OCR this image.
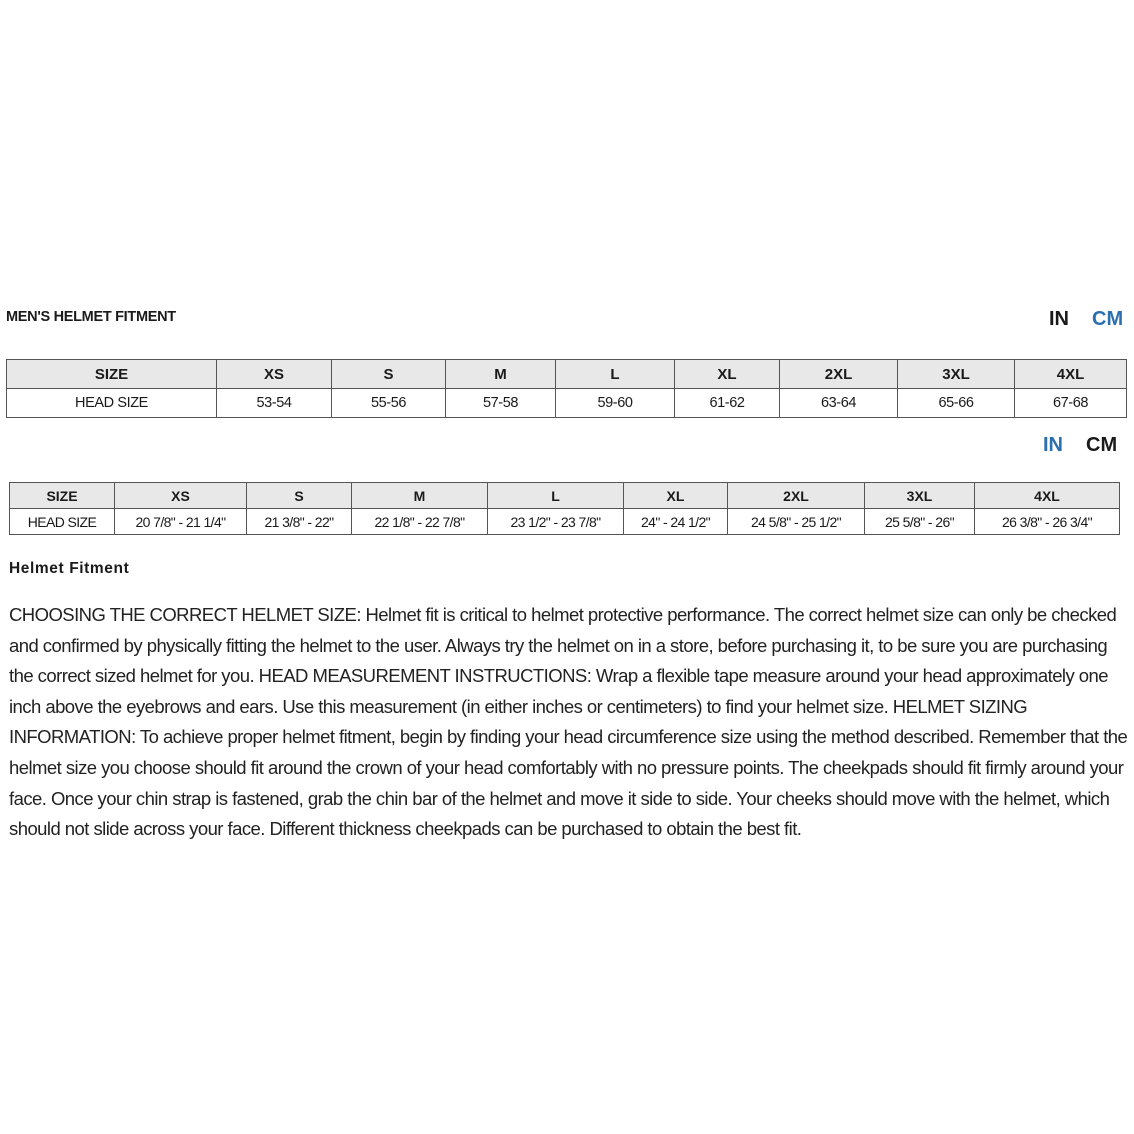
MEN'S HELMET FITMENT	IN CM
SIZE	XS	S	M	L	XL	2XL	3XL	4XL
HEAD SIZE	53-54	55-56	57-58	59-60	61-62	63-64	65-66	67-68
IN CM
SIZE	XS	S	M	L	XL	2XL	3XL	4XL
HEAD SIZE	20 7/8" - 21 1/4"	21 3/8" - 22"	22 1/8" - 22 7/8"	23 1/2" - 23 7/8"	24" - 24 1/2"	24 5/8" - 25 1/2"	25 5/8" - 26"	26 3/8" - 26 3/4"
Helmet Fitment
CHOOSING THE CORRECT HELMET SIZE: Helmet fit is critical to helmet protective performance. The correct helmet size can only be checked and confirmed by physically fitting the helmet to the user. Always try the helmet on in a store, before purchasing it, to be sure you are purchasing the correct sized helmet for you. HEAD MEASUREMENT INSTRUCTIONS: Wrap a flexible tape measure around your head approximately one inch above the eyebrows and ears. Use this measurement (in either inches or centimeters) to find your helmet size. HELMET SIZING INFORMATION: To achieve proper helmet fitment, begin by finding your head circumference size using the method described. Remember that the helmet size you choose should fit around the crown of your head comfortably with no pressure points. The cheekpads should fit firmly around your face. Once your chin strap is fastened, grab the chin bar of the helmet and move it side to side. Your cheeks should move with the helmet, which should not slide across your face. Different thickness cheekpads can be purchased to obtain the best fit.
